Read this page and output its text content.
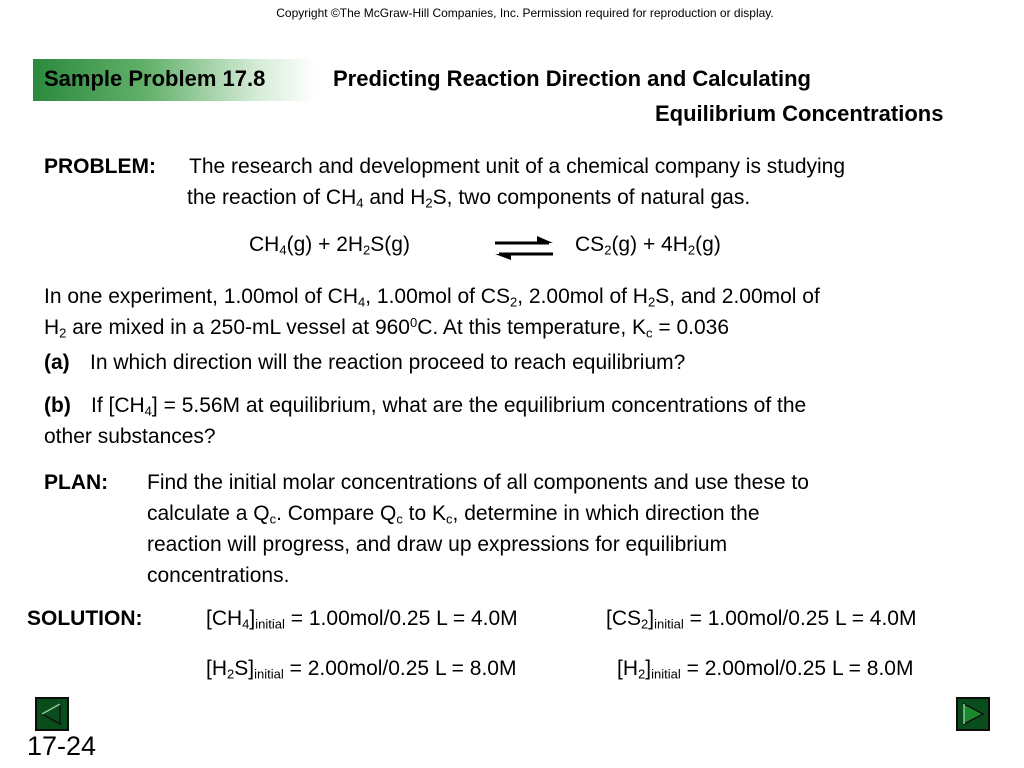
Copyright ©The McGraw-Hill Companies, Inc. Permission required for reproduction or display.
Sample Problem 17.8	Predicting Reaction Direction and Calculating
Equilibrium Concentrations
PROBLEM: The research and development unit of a chemical company is studying
the reaction of $CH_4$ and $H_2S$, two components of natural gas.
$CH_4(g) + 2H_2S(g)$	⇌ $CS_2(g) + 4H_2(g)$
In one experiment, 1.00mol of $CH_4$, 1.00mol of $CS_2$, 2.00mol of $H_2S$, and 2.00mol of
$H_2$ are mixed in a 250-mL vessel at $960^0C$. At this temperature, $K_c = 0.036$
(a) In which direction will the reaction proceed to reach equilibrium?
(b) If $[CH_4] = 5.56M$ at equilibrium, what are the equilibrium concentrations of the
other substances?
PLAN: Find the initial molar concentrations of all components and use these to
calculate a $Q_c$. Compare $Q_c$ to $K_c$, determine in which direction the
reaction will progress, and draw up expressions for equilibrium
concentrations.
SOLUTION:	$[CH_4]_{initial} = 1.00mol/0.25$ L = 4.0M	$[CS_2]_{initial} = 1.00mol/0.25$ L = 4.0M
$[H_2S]_{initial} = 2.00mol/0.25$ L = 8.0M	$[H_2]_{initial} = 2.00mol/0.25$ L = 8.0M
17-24
